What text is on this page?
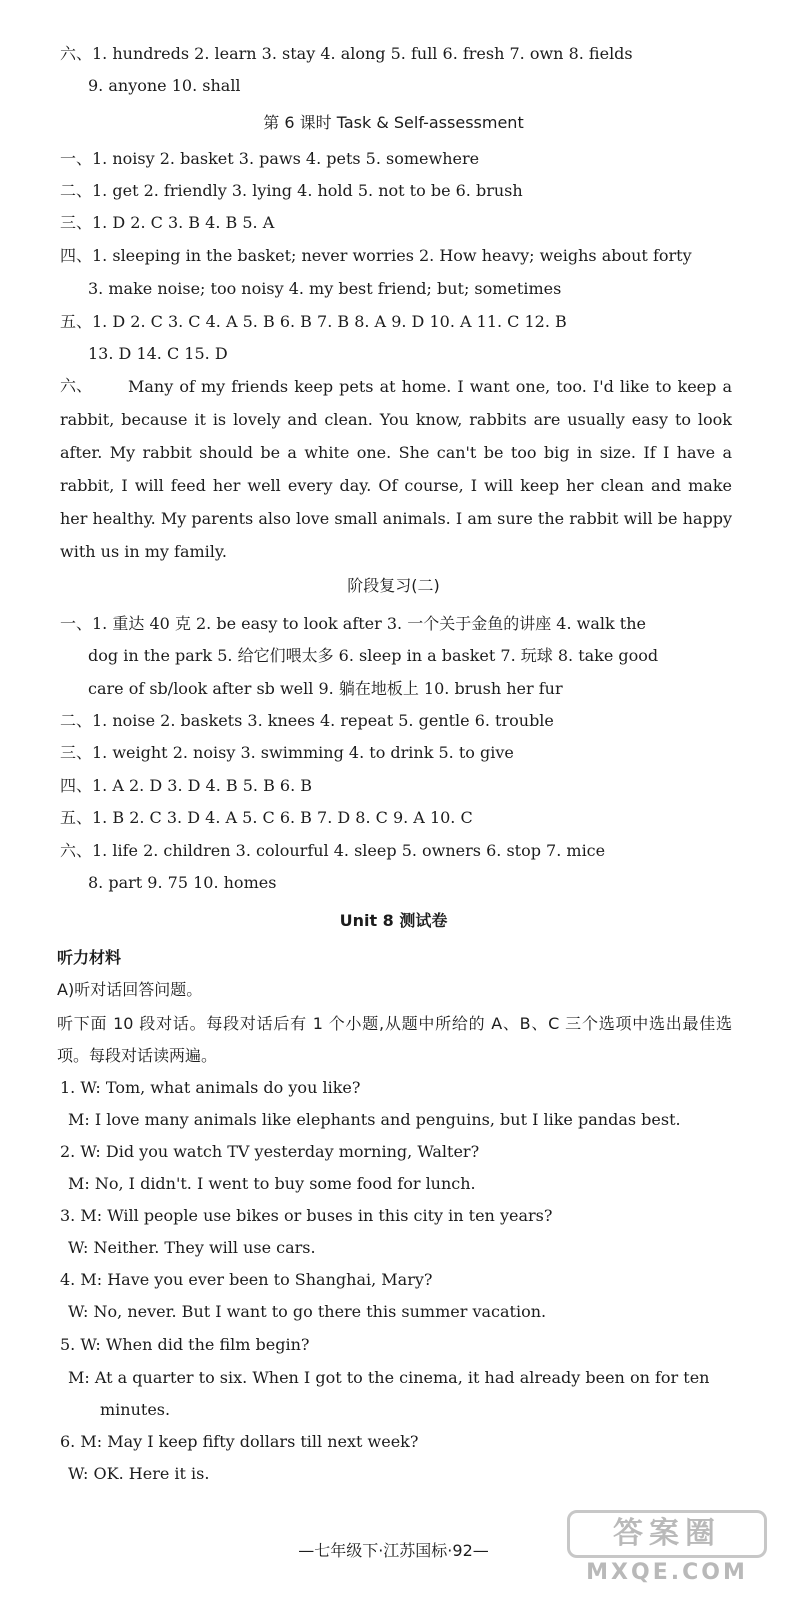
六、1. hundreds 2. learn 3. stay 4. along 5. full 6. fresh 7. own 8. fields
9. anyone 10. shall
第 6 课时 Task & Self-assessment
一、1. noisy 2. basket 3. paws 4. pets 5. somewhere
二、1. get 2. friendly 3. lying 4. hold 5. not to be 6. brush
三、1. D 2. C 3. B 4. B 5. A
四、1. sleeping in the basket; never worries 2. How heavy; weighs about forty
3. make noise; too noisy 4. my best friend; but; sometimes
五、1. D 2. C 3. C 4. A 5. B 6. B 7. B 8. A 9. D 10. A 11. C 12. B
13. D 14. C 15. D
六、	Many of my friends keep pets at home. I want one, too. I'd like to keep a rabbit, because it is lovely and clean. You know, rabbits are usually easy to look after. My rabbit should be a white one. She can't be too big in size. If I have a rabbit, I will feed her well every day. Of course, I will keep her clean and make her healthy. My parents also love small animals. I am sure the rabbit will be happy with us in my family.
阶段复习(二)
一、1. 重达 40 克 2. be easy to look after 3. 一个关于金鱼的讲座 4. walk the
dog in the park 5. 给它们喂太多 6. sleep in a basket 7. 玩球 8. take good
care of sb/look after sb well 9. 躺在地板上 10. brush her fur
二、1. noise 2. baskets 3. knees 4. repeat 5. gentle 6. trouble
三、1. weight 2. noisy 3. swimming 4. to drink 5. to give
四、1. A 2. D 3. D 4. B 5. B 6. B
五、1. B 2. C 3. D 4. A 5. C 6. B 7. D 8. C 9. A 10. C
六、1. life 2. children 3. colourful 4. sleep 5. owners 6. stop 7. mice
8. part 9. 75 10. homes
Unit 8 测试卷
听力材料
A)听对话回答问题。
听下面 10 段对话。每段对话后有 1 个小题,从题中所给的 A、B、C 三个选项中选出最佳选项。每段对话读两遍。
1. W: Tom, what animals do you like?
M: I love many animals like elephants and penguins, but I like pandas best.
2. W: Did you watch TV yesterday morning, Walter?
M: No, I didn't. I went to buy some food for lunch.
3. M: Will people use bikes or buses in this city in ten years?
W: Neither. They will use cars.
4. M: Have you ever been to Shanghai, Mary?
W: No, never. But I want to go there this summer vacation.
5. W: When did the film begin?
M: At a quarter to six. When I got to the cinema, it had already been on for ten
minutes.
6. M: May I keep fifty dollars till next week?
W: OK. Here it is.
—七年级下·江苏国标·92—	答案圈
MXQE.COM
